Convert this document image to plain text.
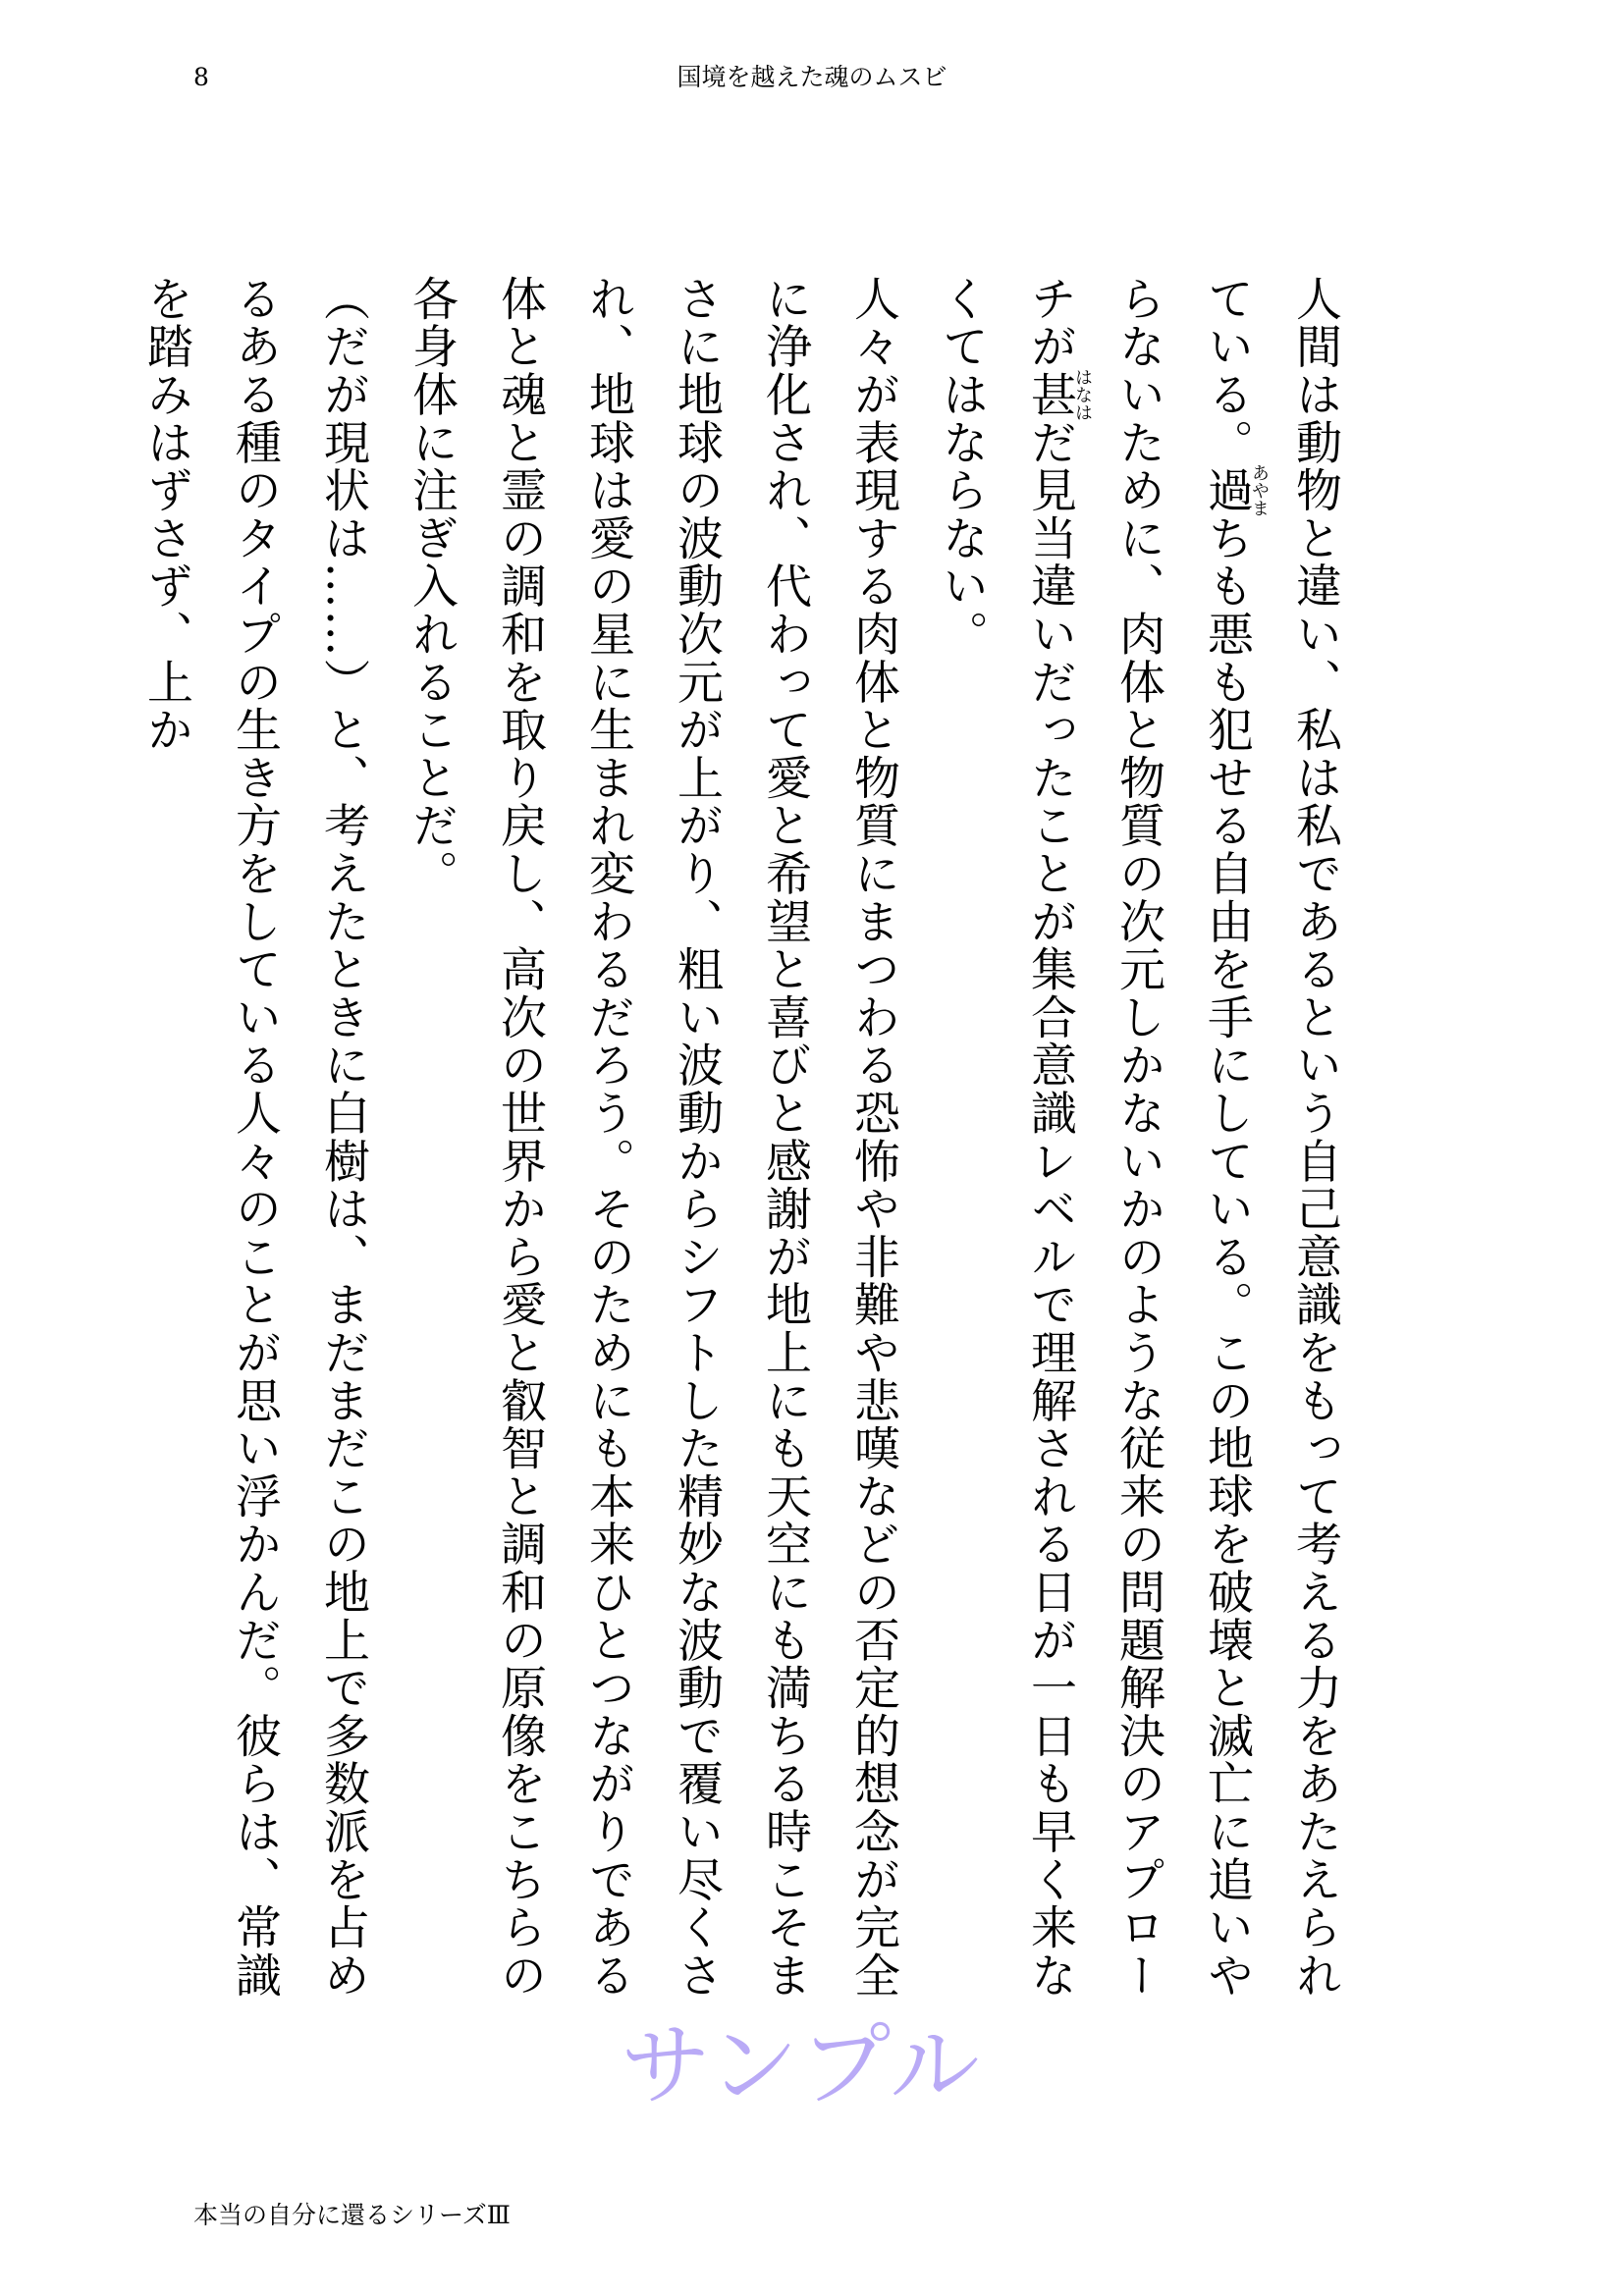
8	国境を越えた魂のムスビ

人間は動物と違い、私は私であるという自己意識をもって考える力をあたえられている。過あやまちも悪も犯せる自由を手にしている。この地球を破壊と滅亡に追いやらないために、肉体と物質の次元しかないかのような従来の問題解決のアプローチが甚はなはだ見当違いだったことが集合意識レベルで理解される日が一日も早く来なくてはならない。

人々が表現する肉体と物質にまつわる恐怖や非難や悲嘆などの否定的想念が完全に浄化され、代わって愛と希望と喜びと感謝が地上にも天空にも満ちる時こそまさに地球の波動次元が上がり、粗い波動からシフトした精妙な波動で覆い尽くされ、地球は愛の星に生まれ変わるだろう。そのためにも本来ひとつながりである体と魂と霊の調和を取り戻し、高次の世界から愛と叡智と調和の原像をこちらの各身体に注ぎ入れることだ。

（だが現状は……）と、考えたときに白樹は、まだまだこの地上で多数派を占めるある種のタイプの生き方をしている人々のことが思い浮かんだ。彼らは、常識を踏みはずさず、上か

サンプル
本当の自分に還るシリーズⅢ
